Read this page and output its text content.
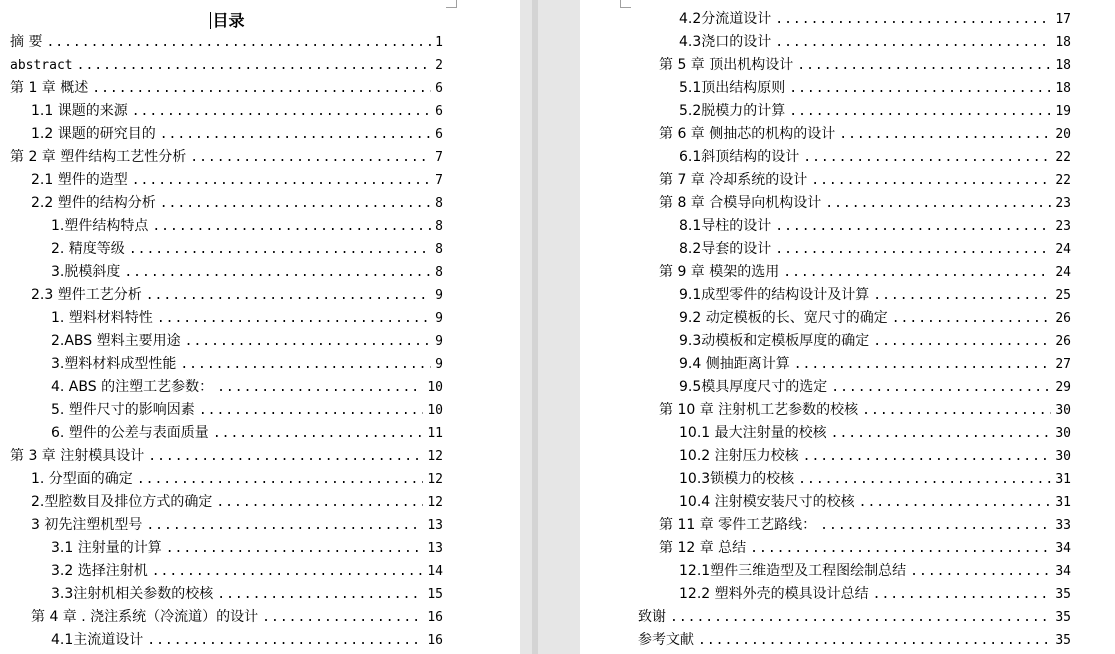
目录
摘 要 .....	1
abstract .....	2
第 1 章 概述 .....	6
1.1 课题的来源 .....	6
1.2 课题的研究目的 .....	6
第 2 章 塑件结构工艺性分析 .....	7
2.1 塑件的造型 .....	7
2.2 塑件的结构分析 .....	8
1.塑件结构特点 .....	8
2. 精度等级 .....	8
3.脱模斜度 .....	8
2.3 塑件工艺分析 .....	9
1. 塑料材料特性 .....	9
2.ABS 塑料主要用途 .....	9
3.塑料材料成型性能 .....	9
4. ABS 的注塑工艺参数： .....	10
5. 塑件尺寸的影响因素 .....	10
6. 塑件的公差与表面质量 .....	11
第 3 章 注射模具设计 .....	12
1. 分型面的确定 .....	12
2.型腔数目及排位方式的确定 .....	12
3 初先注塑机型号 .....	13
3.1 注射量的计算 .....	13
3.2 选择注射机 .....	14
3.3注射机相关参数的校核 .....	15
第 4 章 . 浇注系统（冷流道）的设计 .....	16
4.1主流道设计 .....	16
4.2分流道设计 .....	17
4.3浇口的设计 .....	18
第 5 章 顶出机构设计 .....	18
5.1顶出结构原则 .....	18
5.2脱模力的计算 .....	19
第 6 章 侧抽芯的机构的设计 .....	20
6.1斜顶结构的设计 .....	22
第 7 章 冷却系统的设计 .....	22
第 8 章 合模导向机构设计 .....	23
8.1导柱的设计 .....	23
8.2导套的设计 .....	24
第 9 章 模架的选用 .....	24
9.1成型零件的结构设计及计算 .....	25
9.2 动定模板的长、宽尺寸的确定 .....	26
9.3动模板和定模板厚度的确定 .....	26
9.4 侧抽距离计算 .....	27
9.5模具厚度尺寸的选定 .....	29
第 10 章 注射机工艺参数的校核 .....	30
10.1 最大注射量的校核 .....	30
10.2 注射压力校核 .....	30
10.3锁模力的校核 .....	31
10.4 注射模安装尺寸的校核 .....	31
第 11 章 零件工艺路线： .....	33
第 12 章 总结 .....	34
12.1塑件三维造型及工程图绘制总结 .....	34
12.2 塑料外壳的模具设计总结 .....	35
致谢 .....	35
参考文献 .....	35
